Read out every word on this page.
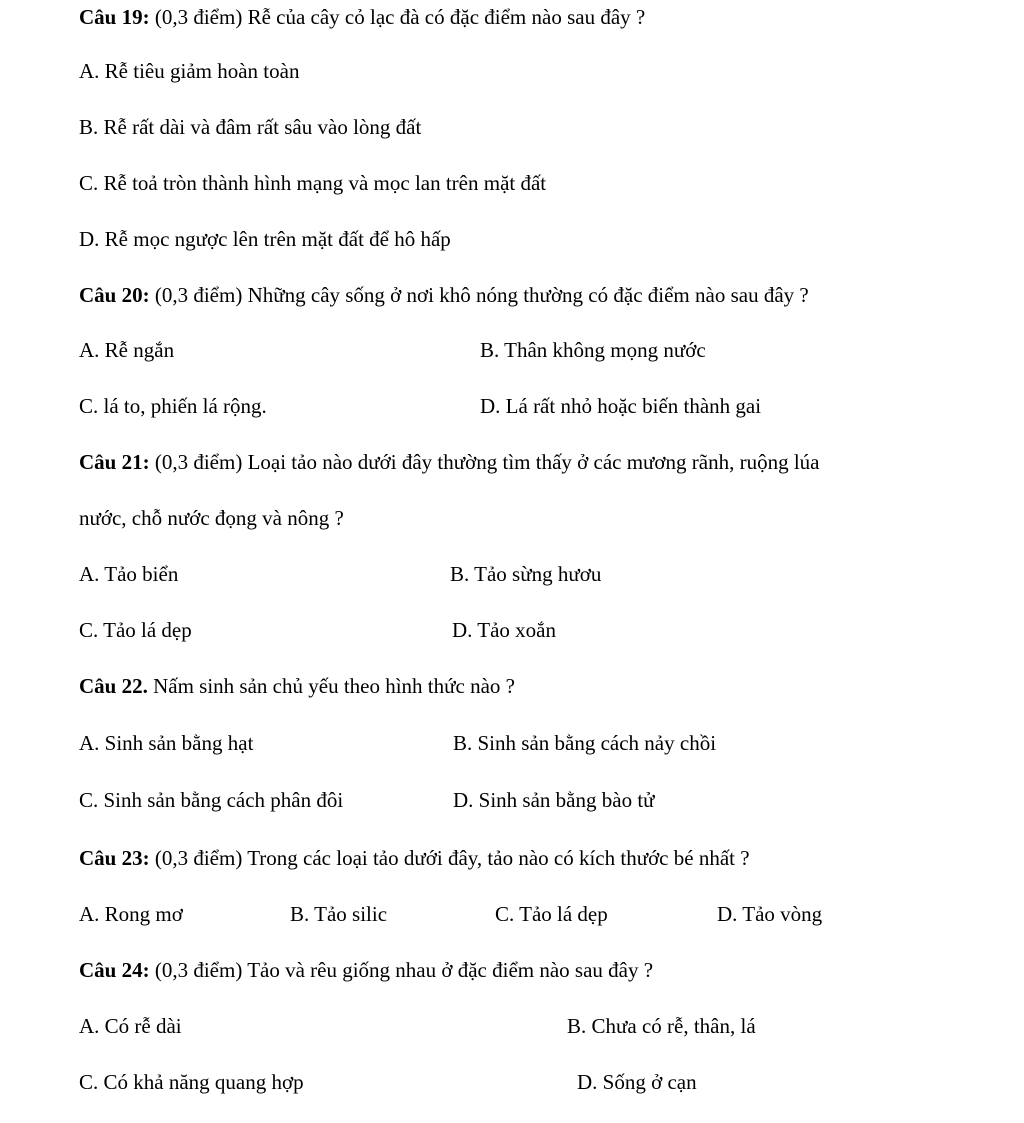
Câu 19: (0,3 điểm) Rễ của cây cỏ lạc đà có đặc điểm nào sau đây ?
A. Rễ tiêu giảm hoàn toàn
B. Rễ rất dài và đâm rất sâu vào lòng đất
C. Rễ toả tròn thành hình mạng và mọc lan trên mặt đất
D. Rễ mọc ngược lên trên mặt đất để hô hấp
Câu 20: (0,3 điểm) Những cây sống ở nơi khô nóng thường có đặc điểm nào sau đây ?
A. Rễ ngắn	B. Thân không mọng nước
C. lá to, phiến lá rộng.	D. Lá rất nhỏ hoặc biến thành gai
Câu 21: (0,3 điểm) Loại tảo nào dưới đây thường tìm thấy ở các mương rãnh, ruộng lúa
nước, chỗ nước đọng và nông ?
A. Tảo biển	B. Tảo sừng hươu
C. Tảo lá dẹp	D. Tảo xoắn
Câu 22. Nấm sinh sản chủ yếu theo hình thức nào ?
A. Sinh sản bằng hạt	B. Sinh sản bằng cách nảy chồi
C. Sinh sản bằng cách phân đôi	D. Sinh sản bằng bào tử
Câu 23: (0,3 điểm) Trong các loại tảo dưới đây, tảo nào có kích thước bé nhất ?
A. Rong mơ	B. Tảo silic	C. Tảo lá dẹp	D. Tảo vòng
Câu 24: (0,3 điểm) Tảo và rêu giống nhau ở đặc điểm nào sau đây ?
A. Có rễ dài	B. Chưa có rễ, thân, lá
C. Có khả năng quang hợp	D. Sống ở cạn
